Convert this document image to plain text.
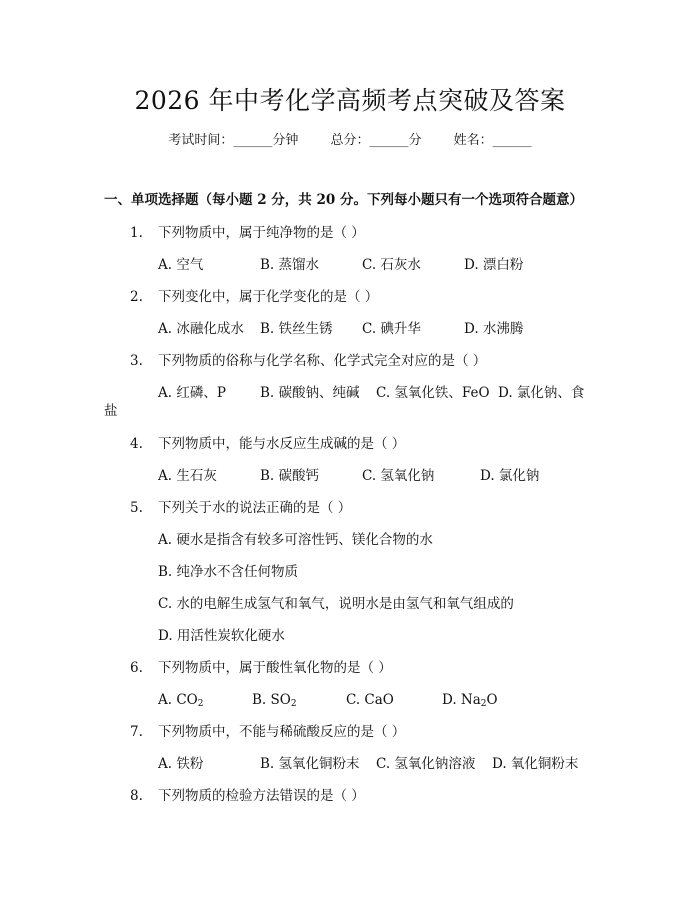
2026 年中考化学高频考点突破及答案
考试时间：______分钟 总分：______分 姓名：______
一、单项选择题（每小题 2 分，共 20 分。下列每小题只有一个选项符合题意）
1. 下列物质中，属于纯净物的是（ ）
A. 空气	B. 蒸馏水	C. 石灰水	D. 漂白粉
2. 下列变化中，属于化学变化的是（ ）
A. 冰融化成水 B. 铁丝生锈 C. 碘升华	D. 水沸腾
3. 下列物质的俗称与化学名称、化学式完全对应的是（ ）
A. 红磷、P	B. 碳酸钠、纯碱 C. 氢氧化铁、FeO D. 氯化钠、食
盐
4. 下列物质中，能与水反应生成碱的是（ ）
A. 生石灰	B. 碳酸钙	C. 氢氧化钠	D. 氯化钠
5. 下列关于水的说法正确的是（ ）
A. 硬水是指含有较多可溶性钙、镁化合物的水
B. 纯净水不含任何物质
C. 水的电解生成氢气和氧气，说明水是由氢气和氧气组成的
D. 用活性炭软化硬水
6. 下列物质中，属于酸性氧化物的是（ ）
A. $CO_2$	B. $SO_2$	C. CaO	D. $Na_2O$
7. 下列物质中，不能与稀硫酸反应的是（ ）
A. 铁粉	B. 氢氧化铜粉末 C. 氢氧化钠溶液 D. 氧化铜粉末
8. 下列物质的检验方法错误的是（ ）
